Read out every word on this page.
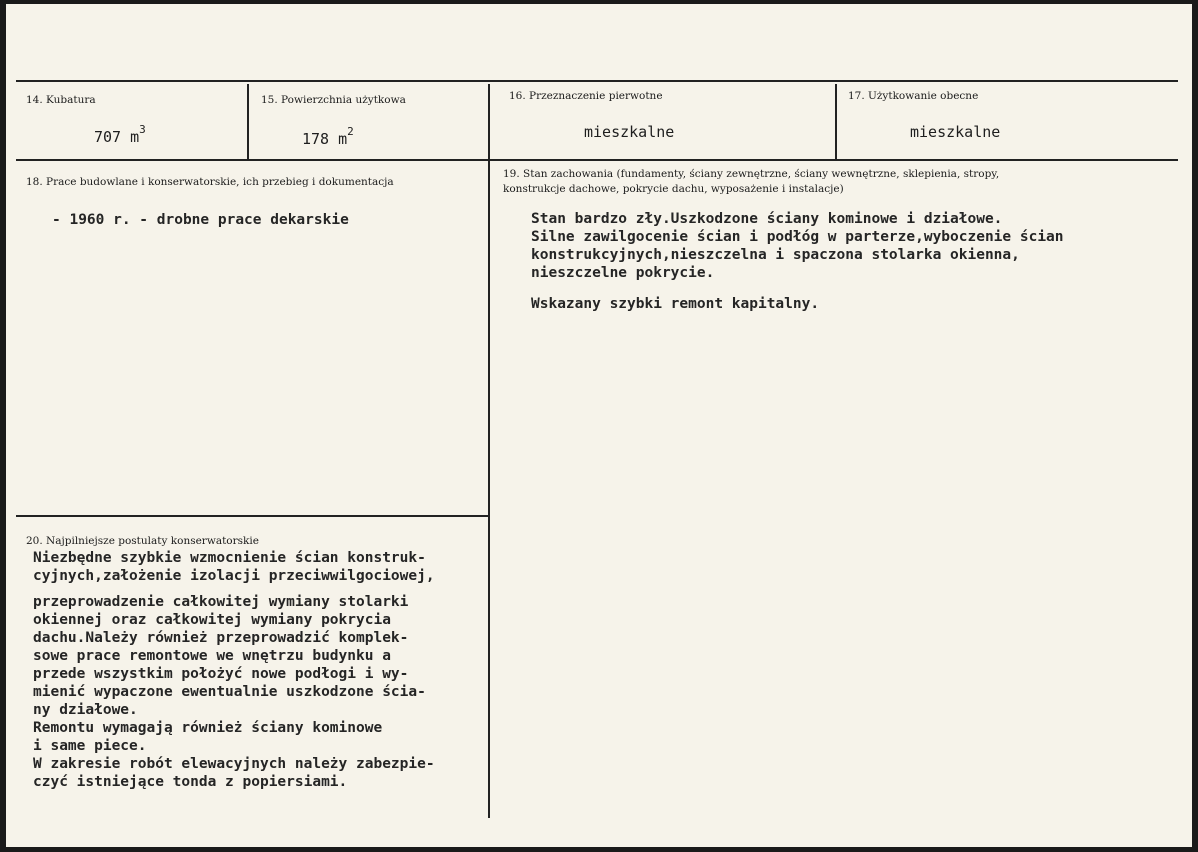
14. Kubatura
707 $m^3$
15. Powierzchnia użytkowa
178 $m^2$
16. Przeznaczenie pierwotne
mieszkalne
17. Użytkowanie obecne
mieszkalne
18. Prace budowlane i konserwatorskie, ich przebieg i dokumentacja
- 1960 r. - drobne prace dekarskie
19. Stan zachowania (fundamenty, ściany zewnętrzne, ściany wewnętrzne, sklepienia, stropy,
konstrukcje dachowe, pokrycie dachu, wyposażenie i instalacje)
Stan bardzo zły.Uszkodzone ściany kominowe i działowe.
Silne zawilgocenie ścian i podłóg w parterze,wyboczenie ścian
konstrukcyjnych,nieszczelna i spaczona stolarka okienna,
nieszczelne pokrycie.
Wskazany szybki remont kapitalny.
20. Najpilniejsze postulaty konserwatorskie
Niezbędne szybkie wzmocnienie ścian konstruk-
cyjnych,założenie izolacji przeciwwilgociowej,
przeprowadzenie całkowitej wymiany stolarki
okiennej oraz całkowitej wymiany pokrycia
dachu.Należy również przeprowadzić komplek-
sowe prace remontowe we wnętrzu budynku a
przede wszystkim położyć nowe podłogi i wy-
mienić wypaczone ewentualnie uszkodzone ścia-
ny działowe.
Remontu wymagają również ściany kominowe
i same piece.
W zakresie robót elewacyjnych należy zabezpie-
czyć istniejące tonda z popiersiami.
